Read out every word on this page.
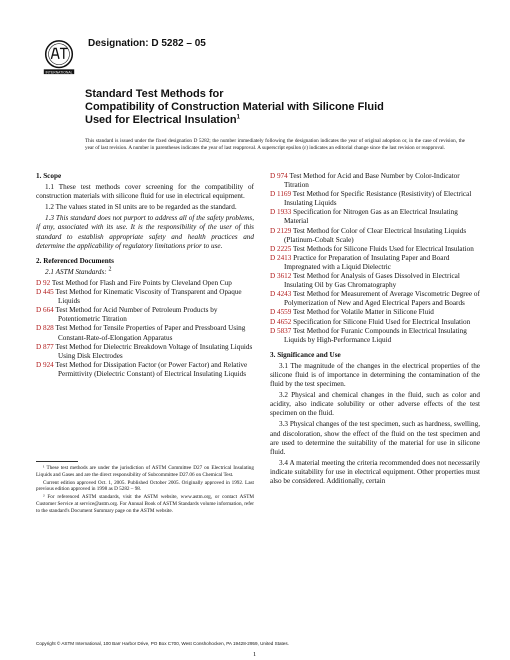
INTERNATIONAL
Designation: D 5282 – 05
Standard Test Methods for
Compatibility of Construction Material with Silicone Fluid
Used for Electrical Insulation$^1$
This standard is issued under the fixed designation D 5282; the number immediately following the designation indicates the year of original adoption or, in the case of revision, the year of last revision. A number in parentheses indicates the year of last reapproval. A superscript epsilon (ε) indicates an editorial change since the last revision or reapproval.
1. Scope

1.1 These test methods cover screening for the compatibility of construction materials with silicone fluid for use in electrical equipment.

1.2 The values stated in SI units are to be regarded as the standard.

1.3 This standard does not purport to address all of the safety problems, if any, associated with its use. It is the responsibility of the user of this standard to establish appropriate safety and health practices and determine the applicability of regulatory limitations prior to use.

2. Referenced Documents

2.1 ASTM Standards: $^2$

D 92 Test Method for Flash and Fire Points by Cleveland Open Cup

D 445 Test Method for Kinematic Viscosity of Transparent and Opaque Liquids

D 664 Test Method for Acid Number of Petroleum Products by Potentiometric Titration

D 828 Test Method for Tensile Properties of Paper and Pressboard Using Constant-Rate-of-Elongation Apparatus

D 877 Test Method for Dielectric Breakdown Voltage of Insulating Liquids Using Disk Electrodes

D 924 Test Method for Dissipation Factor (or Power Factor) and Relative Permittivity (Dielectric Constant) of Electrical Insulating Liquids

D 974 Test Method for Acid and Base Number by Color-Indicator Titration

D 1169 Test Method for Specific Resistance (Resistivity) of Electrical Insulating Liquids

D 1933 Specification for Nitrogen Gas as an Electrical Insulating Material

D 2129 Test Method for Color of Clear Electrical Insulating Liquids (Platinum-Cobalt Scale)

D 2225 Test Methods for Silicone Fluids Used for Electrical Insulation

D 2413 Practice for Preparation of Insulating Paper and Board Impregnated with a Liquid Dielectric

D 3612 Test Method for Analysis of Gases Dissolved in Electrical Insulating Oil by Gas Chromatography

D 4243 Test Method for Measurement of Average Viscometric Degree of Polymerization of New and Aged Electrical Papers and Boards

D 4559 Test Method for Volatile Matter in Silicone Fluid

D 4652 Specification for Silicone Fluid Used for Electrical Insulation

D 5837 Test Method for Furanic Compounds in Electrical Insulating Liquids by High-Performance Liquid

3. Significance and Use

3.1 The magnitude of the changes in the electrical properties of the silicone fluid is of importance in determining the contamination of the fluid by the test specimen.

3.2 Physical and chemical changes in the fluid, such as color and acidity, also indicate solubility or other adverse effects of the test specimen on the fluid.

3.3 Physical changes of the test specimen, such as hardness, swelling, and discoloration, show the effect of the fluid on the test specimen and are used to determine the suitability of the material for use in silicone fluid.

3.4 A material meeting the criteria recommended does not necessarily indicate suitability for use in electrical equipment. Other properties must also be considered. Additionally, certain

¹ These test methods are under the jurisdiction of ASTM Committee D27 on Electrical Insulating Liquids and Gases and are the direct responsibility of Subcommittee D27.06 on Chemical Test.

Current edition approved Oct. 1, 2005. Published October 2005. Originally approved in 1992. Last previous edition approved in 1998 as D 5282 – 98.

² For referenced ASTM standards, visit the ASTM website, www.astm.org, or contact ASTM Customer Service at service@astm.org. For Annual Book of ASTM Standards volume information, refer to the standard's Document Summary page on the ASTM website.

Copyright © ASTM International, 100 Barr Harbor Drive, PO Box C700, West Conshohocken, PA 19428-2959, United States.
1
